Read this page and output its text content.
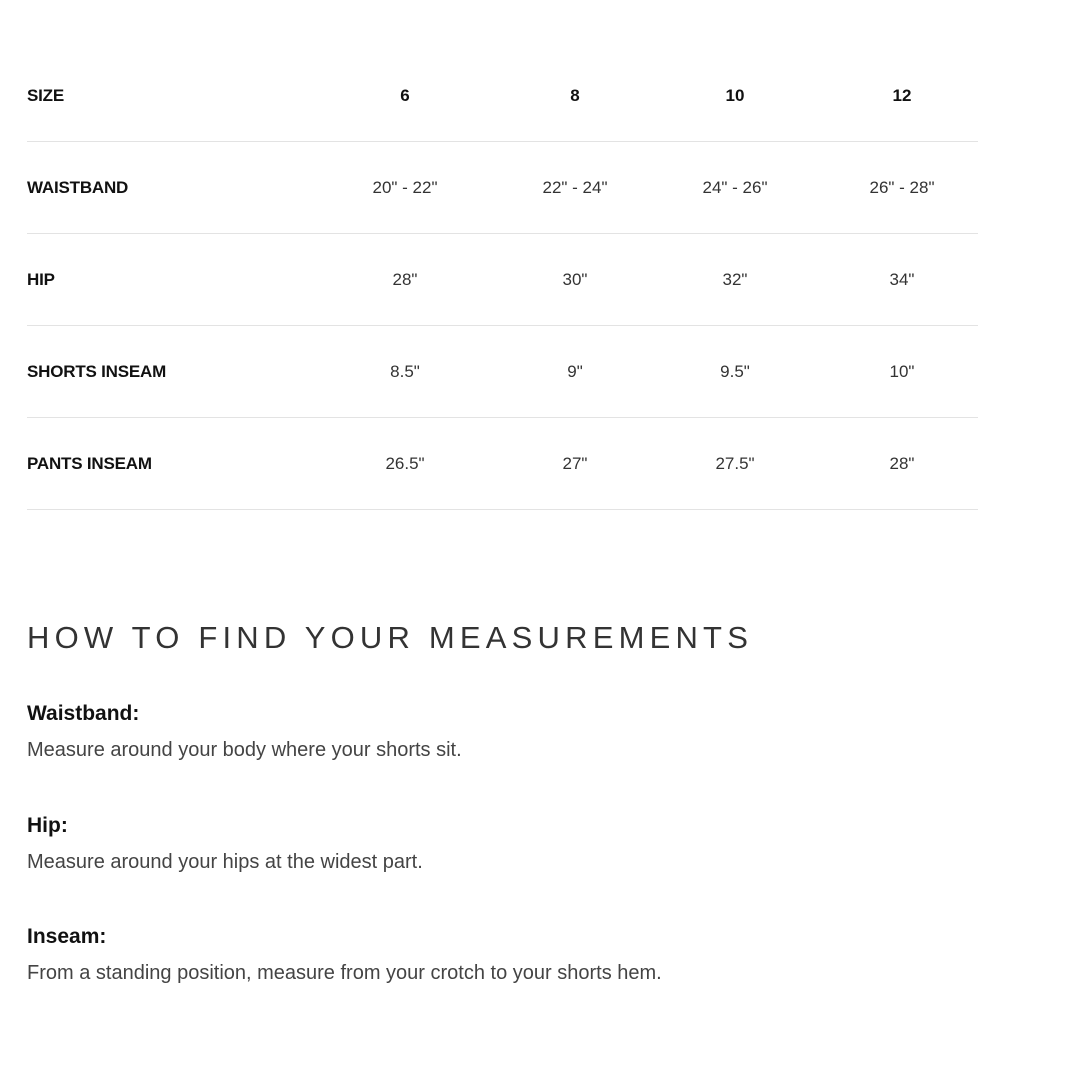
SIZE	6	8	10	12
WAISTBAND	20" - 22"	22" - 24"	24" - 26"	26" - 28"
HIP	28"	30"	32"	34"
SHORTS INSEAM	8.5"	9"	9.5"	10"
PANTS INSEAM	26.5"	27"	27.5"	28"
HOW TO FIND YOUR MEASUREMENTS

Waistband:

Measure around your body where your shorts sit.

Hip:

Measure around your hips at the widest part.

Inseam:

From a standing position, measure from your crotch to your shorts hem.
